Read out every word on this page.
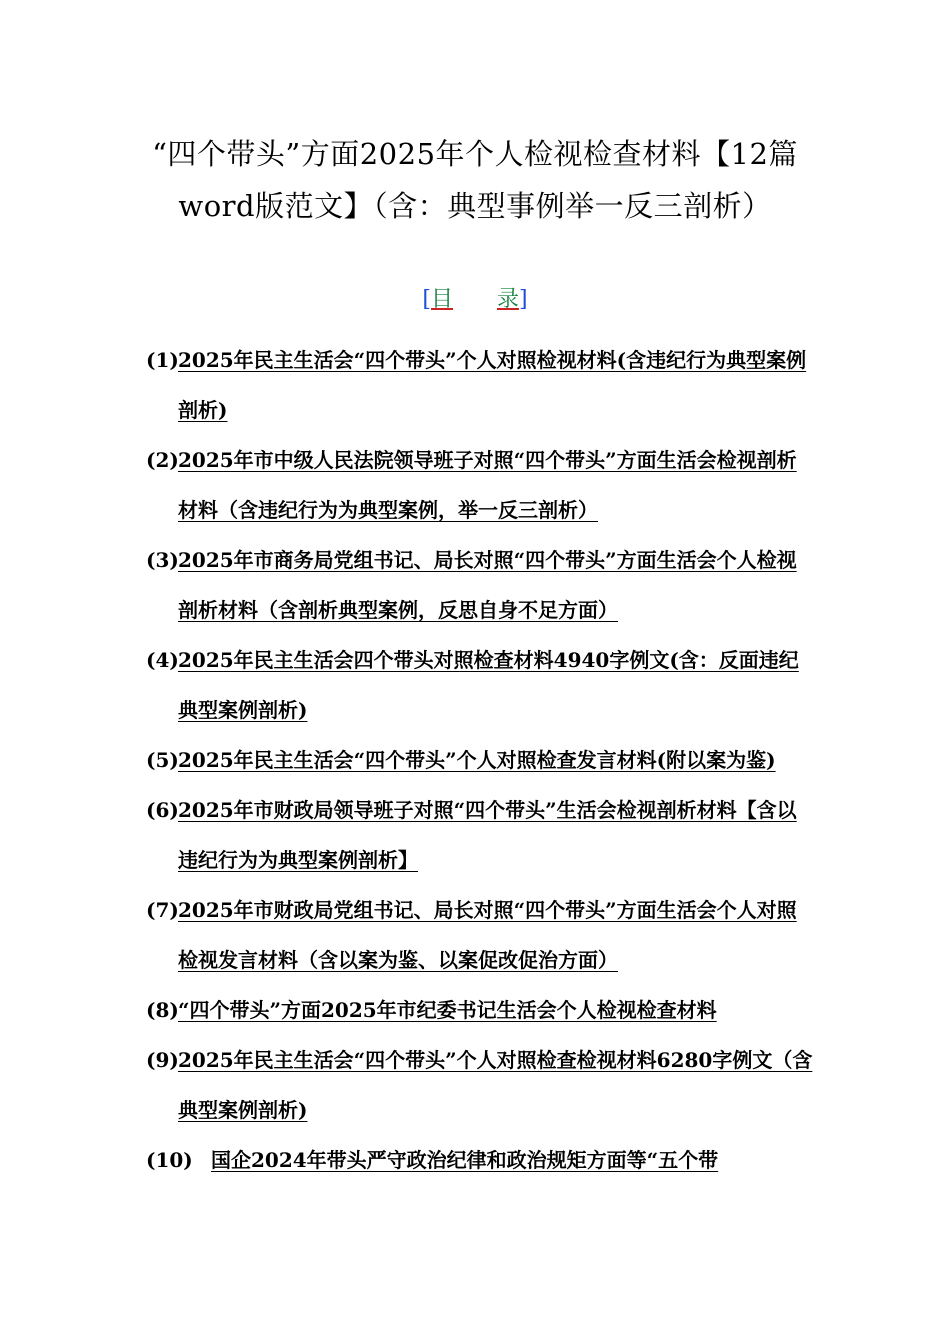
“四个带头”方面2025年个人检视检查材料【12篇word版范文】（含：典型事例举一反三剖析）
[目 录]
(1) 2025年民主生活会“四个带头”个人对照检视材料(含违纪行为典型案例剖析)
(2) 2025年市中级人民法院领导班子对照“四个带头”方面生活会检视剖析材料（含违纪行为为典型案例，举一反三剖析）
(3) 2025年市商务局党组书记、局长对照“四个带头”方面生活会个人检视剖析材料（含剖析典型案例，反思自身不足方面）
(4) 2025年民主生活会四个带头对照检查材料4940字例文(含：反面违纪典型案例剖析)
(5) 2025年民主生活会“四个带头”个人对照检查发言材料(附以案为鉴)
(6) 2025年市财政局领导班子对照“四个带头”生活会检视剖析材料【含以违纪行为为典型案例剖析】
(7) 2025年市财政局党组书记、局长对照“四个带头”方面生活会个人对照检视发言材料（含以案为鉴、以案促改促治方面）
(8) “四个带头”方面2025年市纪委书记生活会个人检视检查材料
(9) 2025年民主生活会“四个带头”个人对照检查检视材料6280字例文（含典型案例剖析)
(10) 国企2024年带头严守政治纪律和政治规矩方面等“五个带
